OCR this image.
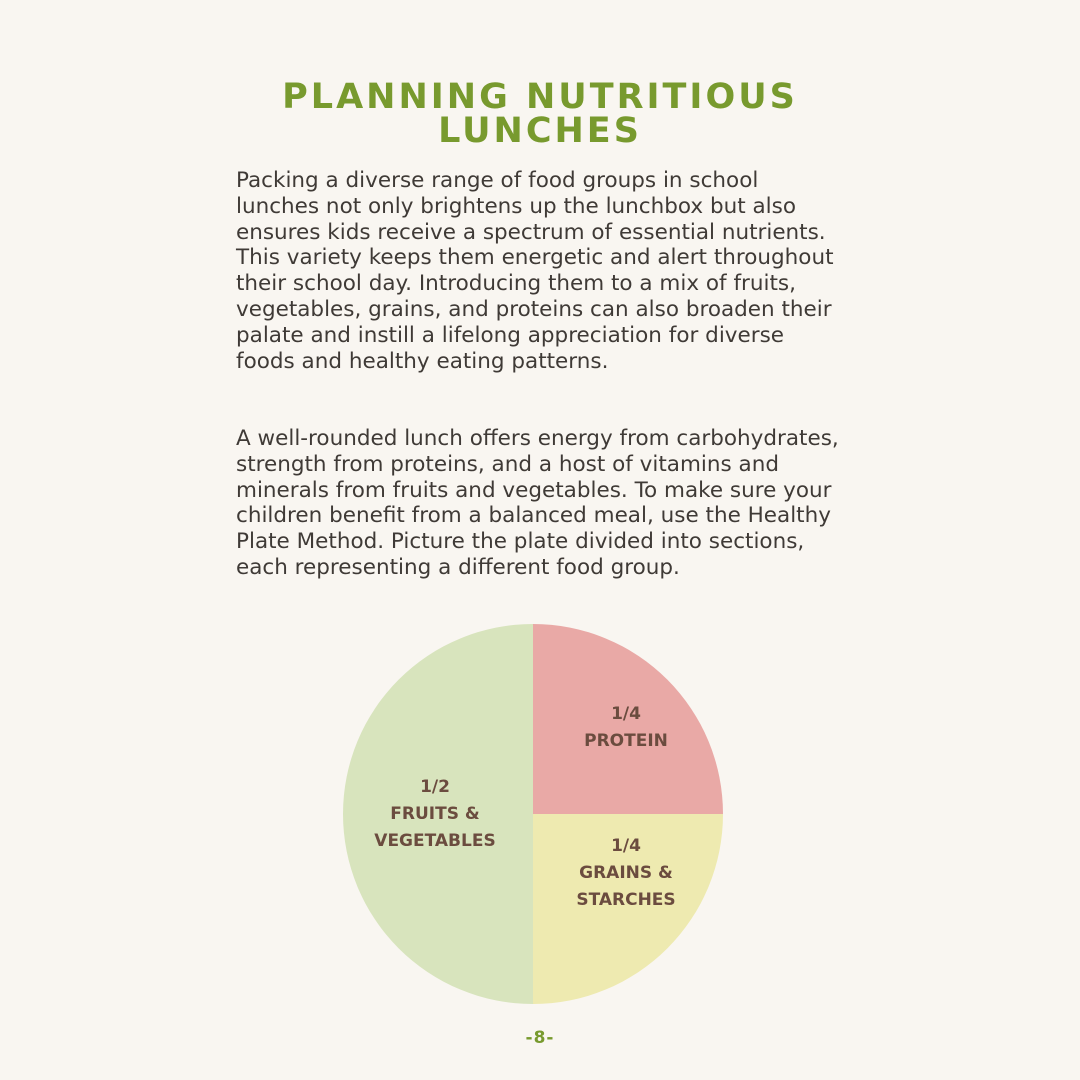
PLANNING NUTRITIOUS
LUNCHES

Packing a diverse range of food groups in school lunches not only brightens up the lunchbox but also ensures kids receive a spectrum of essential nutrients. This variety keeps them energetic and alert throughout their school day. Introducing them to a mix of fruits, vegetables, grains, and proteins can also broaden their palate and instill a lifelong appreciation for diverse foods and healthy eating patterns.

A well-rounded lunch offers energy from carbohydrates, strength from proteins, and a host of vitamins and minerals from fruits and vegetables. To make sure your children benefit from a balanced meal, use the Healthy Plate Method. Picture the plate divided into sections, each representing a different food group.

1/4
PROTEIN
1/4
GRAINS &
STARCHES
1/2
FRUITS &
VEGETABLES
-8-
